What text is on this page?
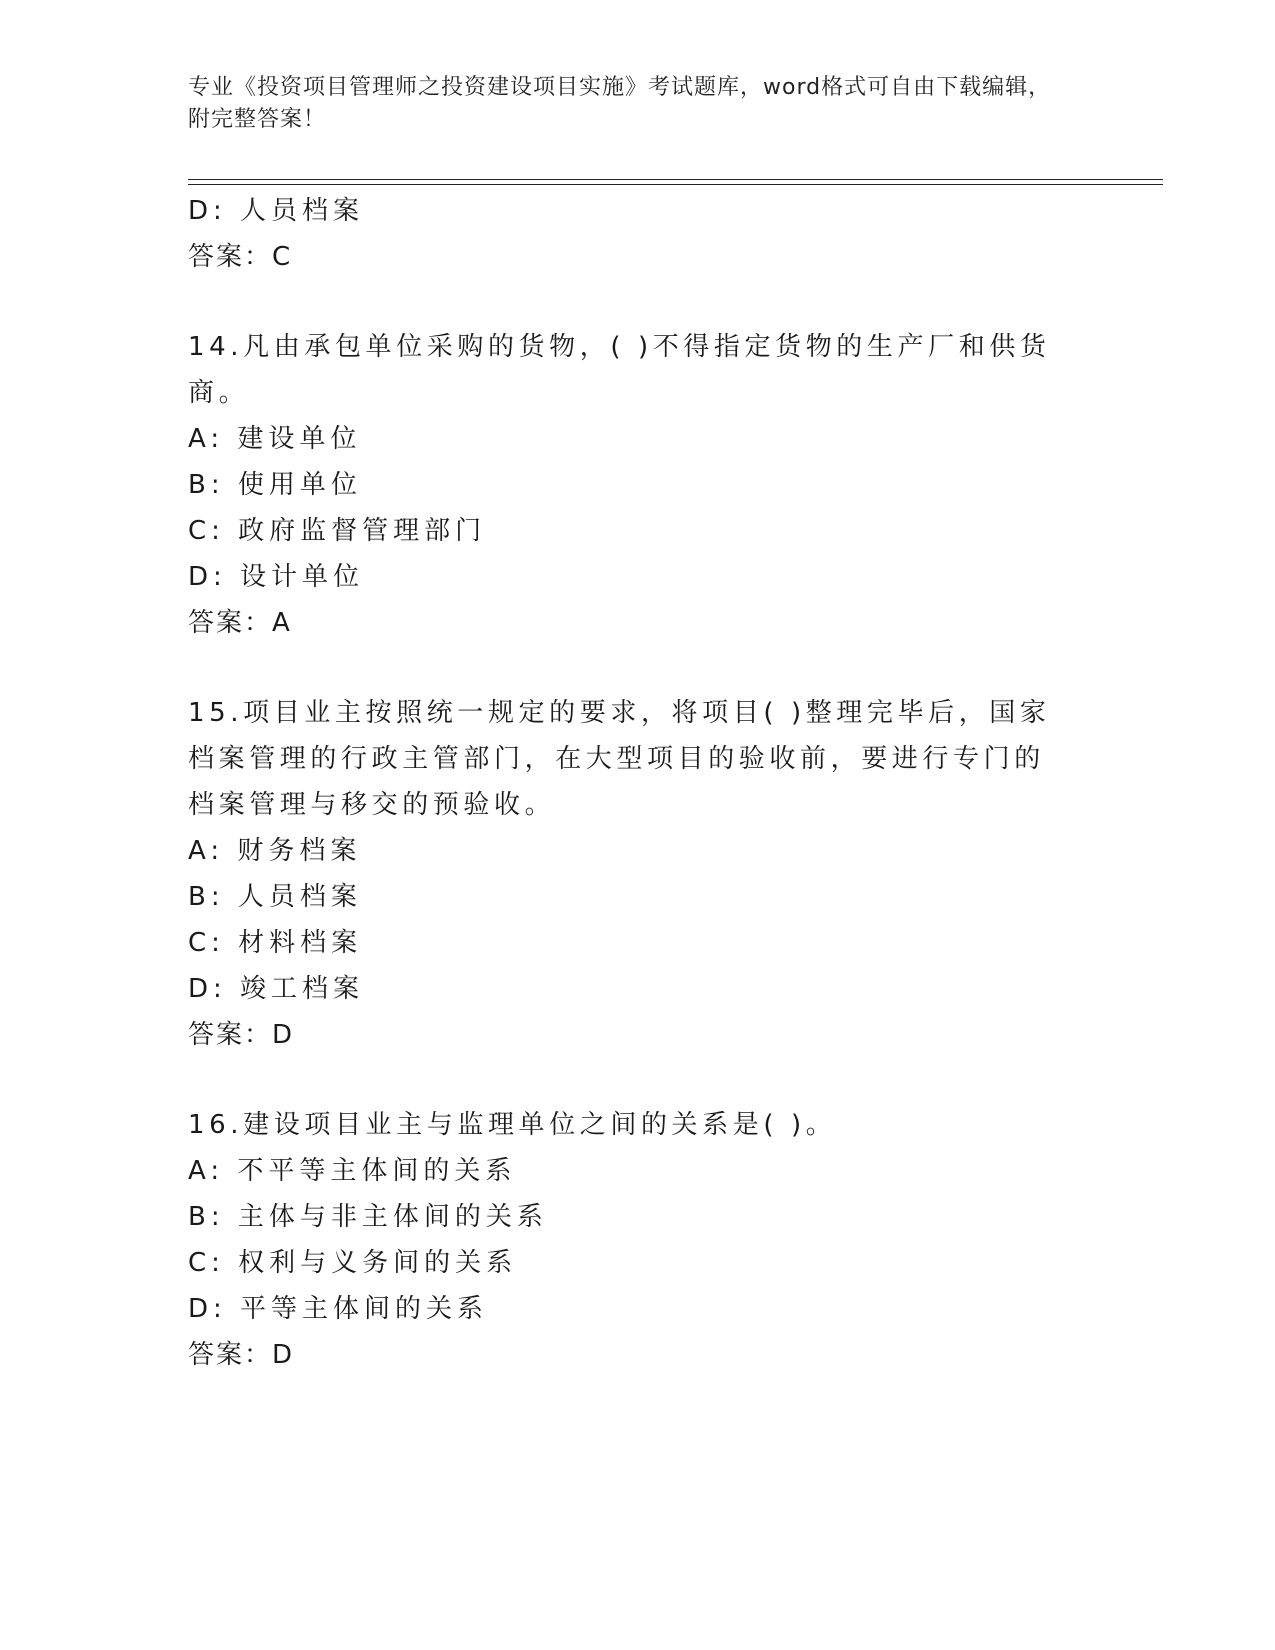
专业《投资项目管理师之投资建设项目实施》考试题库，word格式可自由下载编辑，附完整答案！
D: 人员档案
答案：C
14.凡由承包单位采购的货物，( )不得指定货物的生产厂和供货商。
A: 建设单位
B: 使用单位
C: 政府监督管理部门
D: 设计单位
答案：A
15.项目业主按照统一规定的要求，将项目( )整理完毕后，国家档案管理的行政主管部门，在大型项目的验收前，要进行专门的档案管理与移交的预验收。
A: 财务档案
B: 人员档案
C: 材料档案
D: 竣工档案
答案：D
16.建设项目业主与监理单位之间的关系是( )。
A: 不平等主体间的关系
B: 主体与非主体间的关系
C: 权利与义务间的关系
D: 平等主体间的关系
答案：D
